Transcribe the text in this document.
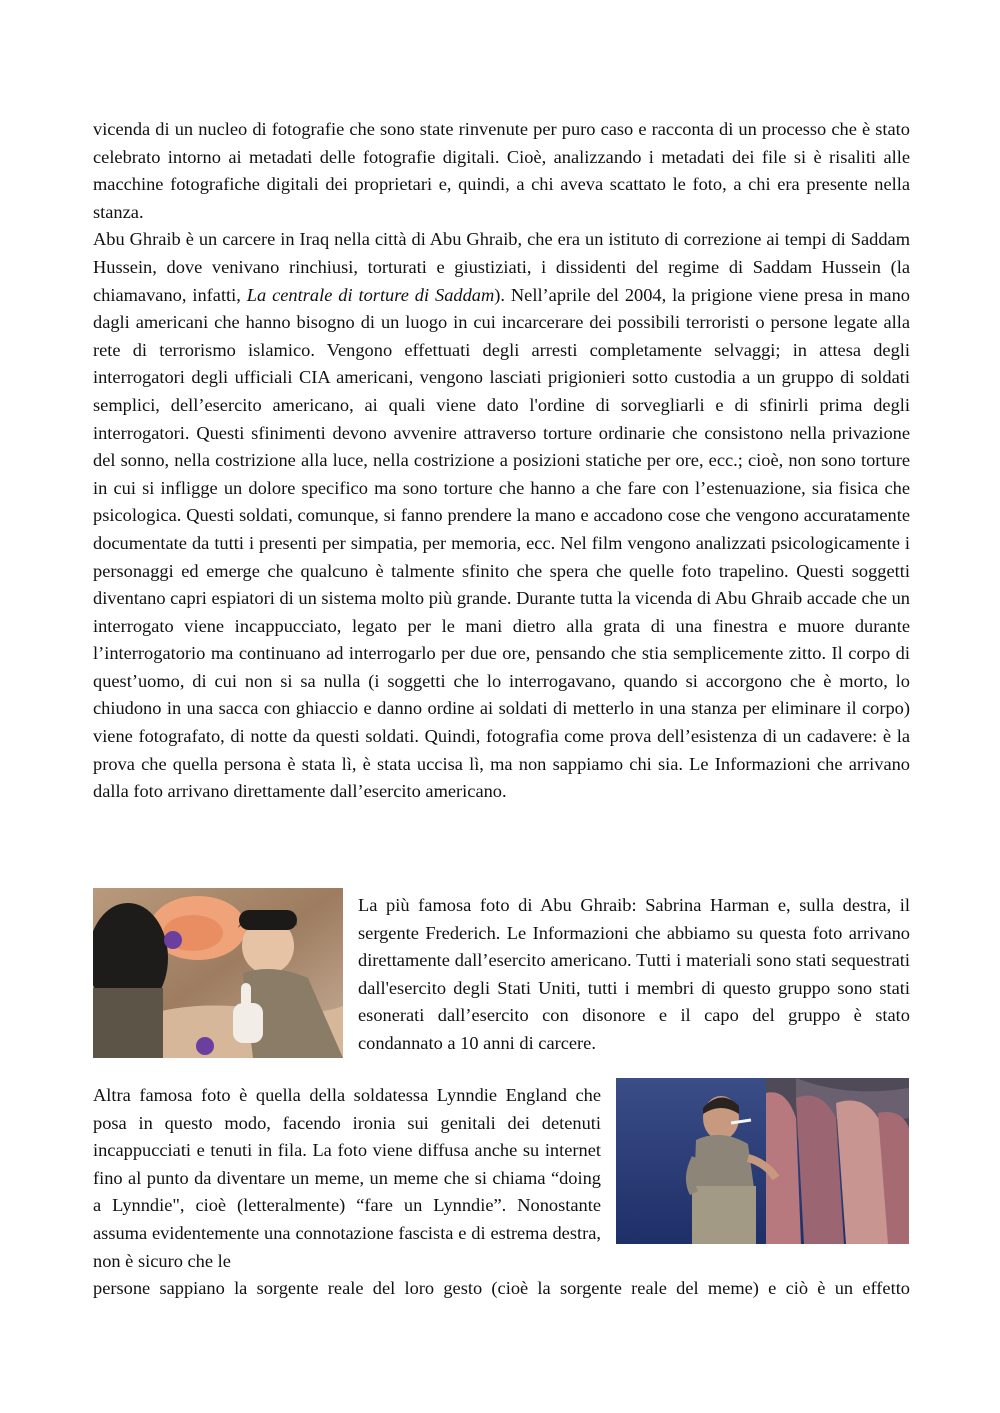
vicenda di un nucleo di fotografie che sono state rinvenute per puro caso e racconta di un processo che è stato celebrato intorno ai metadati delle fotografie digitali. Cioè, analizzando i metadati dei file si è risaliti alle macchine fotografiche digitali dei proprietari e, quindi, a chi aveva scattato le foto, a chi era presente nella stanza.

Abu Ghraib è un carcere in Iraq nella città di Abu Ghraib, che era un istituto di correzione ai tempi di Saddam Hussein, dove venivano rinchiusi, torturati e giustiziati, i dissidenti del regime di Saddam Hussein (la chiamavano, infatti, La centrale di torture di Saddam). Nell’aprile del 2004, la prigione viene presa in mano dagli americani che hanno bisogno di un luogo in cui incarcerare dei possibili terroristi o persone legate alla rete di terrorismo islamico. Vengono effettuati degli arresti completamente selvaggi; in attesa degli interrogatori degli ufficiali CIA americani, vengono lasciati prigionieri sotto custodia a un gruppo di soldati semplici, dell’esercito americano, ai quali viene dato l'ordine di sorvegliarli e di sfinirli prima degli interrogatori. Questi sfinimenti devono avvenire attraverso torture ordinarie che consistono nella privazione del sonno, nella costrizione alla luce, nella costrizione a posizioni statiche per ore, ecc.; cioè, non sono torture in cui si infligge un dolore specifico ma sono torture che hanno a che fare con l’estenuazione, sia fisica che psicologica. Questi soldati, comunque, si fanno prendere la mano e accadono cose che vengono accuratamente documentate da tutti i presenti per simpatia, per memoria, ecc. Nel film vengono analizzati psicologicamente i personaggi ed emerge che qualcuno è talmente sfinito che spera che quelle foto trapelino. Questi soggetti diventano capri espiatori di un sistema molto più grande. Durante tutta la vicenda di Abu Ghraib accade che un interrogato viene incappucciato, legato per le mani dietro alla grata di una finestra e muore durante l’interrogatorio ma continuano ad interrogarlo per due ore, pensando che stia semplicemente zitto. Il corpo di quest’uomo, di cui non si sa nulla (i soggetti che lo interrogavano, quando si accorgono che è morto, lo chiudono in una sacca con ghiaccio e danno ordine ai soldati di metterlo in una stanza per eliminare il corpo) viene fotografato, di notte da questi soldati. Quindi, fotografia come prova dell’esistenza di un cadavere: è la prova che quella persona è stata lì, è stata uccisa lì, ma non sappiamo chi sia. Le Informazioni che arrivano dalla foto arrivano direttamente dall’esercito americano.

La più famosa foto di Abu Ghraib: Sabrina Harman e, sulla destra, il sergente Frederich. Le Informazioni che abbiamo su questa foto arrivano direttamente dall’esercito americano. Tutti i materiali sono stati sequestrati dall'esercito degli Stati Uniti, tutti i membri di questo gruppo sono stati esonerati dall’esercito con disonore e il capo del gruppo è stato condannato a 10 anni di carcere.

Altra famosa foto è quella della soldatessa Lynndie England che posa in questo modo, facendo ironia sui genitali dei detenuti incappucciati e tenuti in fila. La foto viene diffusa anche su internet fino al punto da diventare un meme, un meme che si chiama “doing a Lynndie", cioè (letteralmente) “fare un Lynndie”. Nonostante assuma evidentemente una connotazione fascista e di estrema destra, non è sicuro che le

persone sappiano la sorgente reale del loro gesto (cioè la sorgente reale del meme) e ciò è un effetto
